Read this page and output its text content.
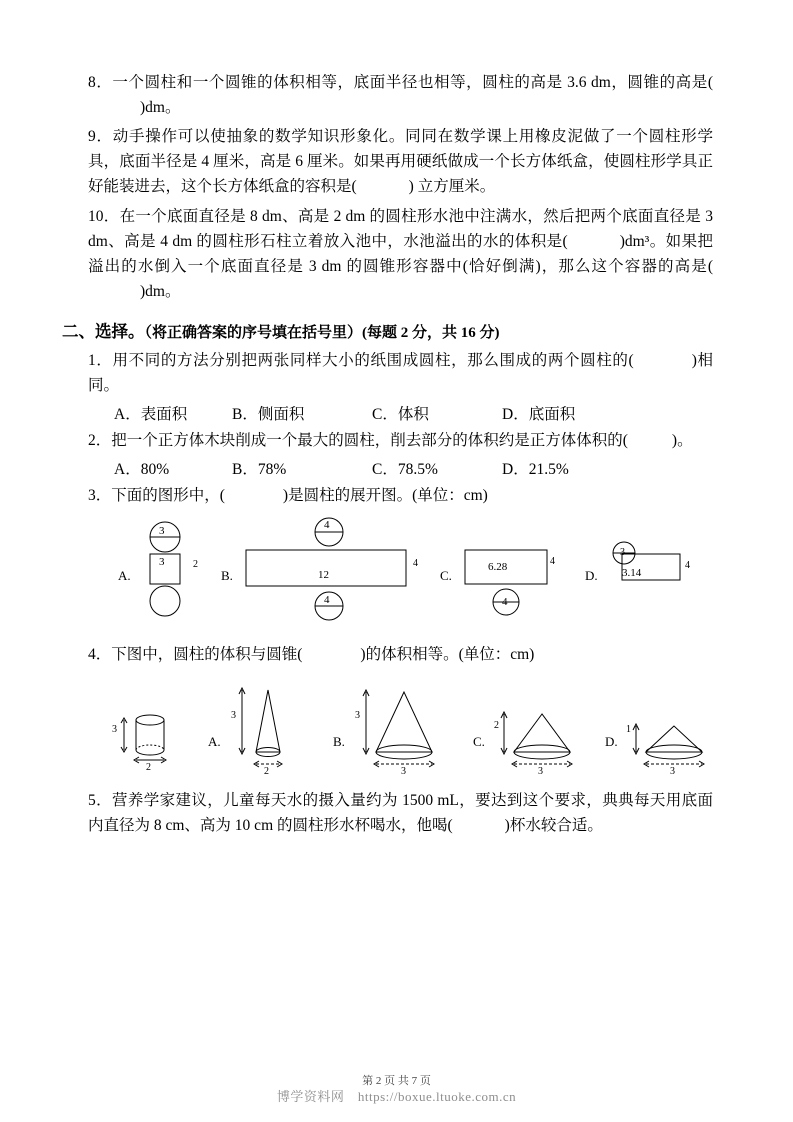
8．一个圆柱和一个圆锥的体积相等，底面半径也相等，圆柱的高是 3.6 dm，圆锥的高是()dm。
9．动手操作可以使抽象的数学知识形象化。同同在数学课上用橡皮泥做了一个圆柱形学具，底面半径是 4 厘米，高是 6 厘米。如果再用硬纸做成一个长方体纸盒，使圆柱形学具正好能装进去，这个长方体纸盒的容积是(	) 立方厘米。
10．在一个底面直径是 8 dm、高是 2 dm 的圆柱形水池中注满水，然后把两个底面直径是 3 dm、高是 4 dm 的圆柱形石柱立着放入池中，水池溢出的水的体积是(	)dm³。如果把溢出的水倒入一个底面直径是 3 dm 的圆锥形容器中(恰好倒满)，那么这个容器的高是()dm。
二、选择。（将正确答案的序号填在括号里）(每题 2 分，共 16 分)
1．用不同的方法分别把两张同样大小的纸围成圆柱，那么围成的两个圆柱的(	)相同。
A．表面积	B．侧面积	C．体积	D．底面积
2．把一个正方体木块削成一个最大的圆柱，削去部分的体积约是正方体体积的(	)。
A．80%	B．78%	C．78.5%	D．21.5%
3．下面的图形中，(	)是圆柱的展开图。(单位：cm)
A.
3
3	2
B.
4
12
4
4
C.
6.28	4
4
D. 3.14
3
4
4．下图中，圆柱的体积与圆锥(	)的体积相等。(单位：cm)
3
2
A.
3
2
B.
3
3
C.
2
3
D.
1
3
5．营养学家建议，儿童每天水的摄入量约为 1500 mL，要达到这个要求，典典每天用底面内直径为 8 cm、高为 10 cm 的圆柱形水杯喝水，他喝(	)杯水较合适。
第 2 页 共 7 页
博学资料网 https://boxue.ltuoke.com.cn
